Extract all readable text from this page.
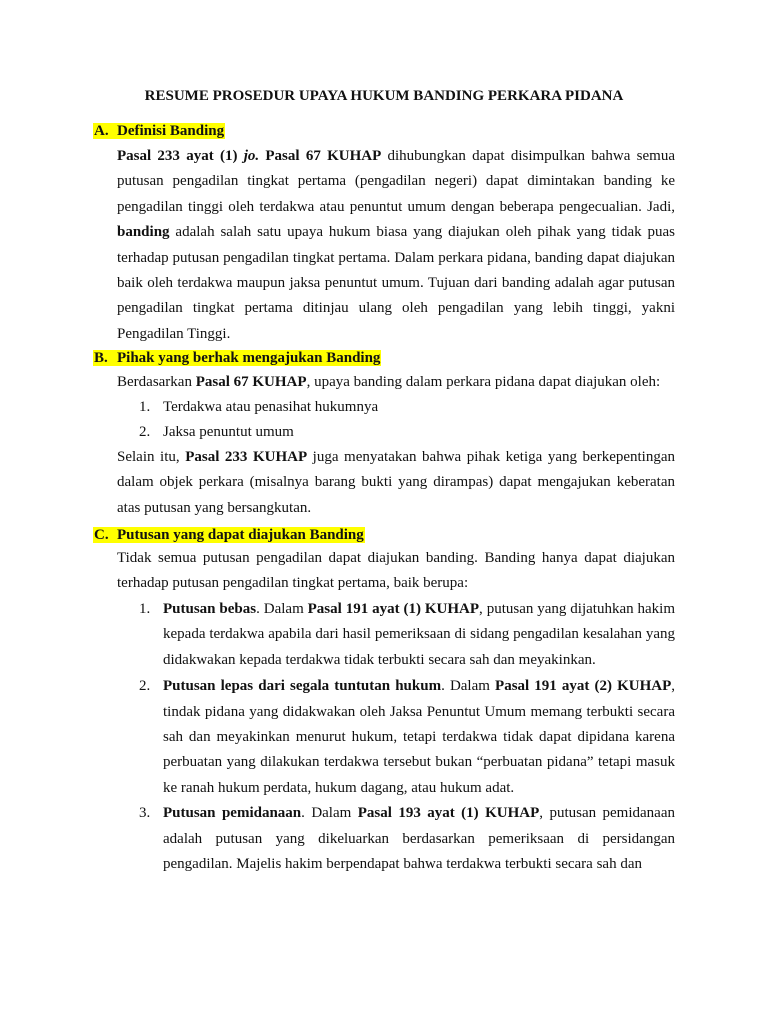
RESUME PROSEDUR UPAYA HUKUM BANDING PERKARA PIDANA
A. Definisi Banding

Pasal 233 ayat (1) jo. Pasal 67 KUHAP dihubungkan dapat disimpulkan bahwa semua putusan pengadilan tingkat pertama (pengadilan negeri) dapat dimintakan banding ke pengadilan tinggi oleh terdakwa atau penuntut umum dengan beberapa pengecualian. Jadi, banding adalah salah satu upaya hukum biasa yang diajukan oleh pihak yang tidak puas terhadap putusan pengadilan tingkat pertama. Dalam perkara pidana, banding dapat diajukan baik oleh terdakwa maupun jaksa penuntut umum. Tujuan dari banding adalah agar putusan pengadilan tingkat pertama ditinjau ulang oleh pengadilan yang lebih tinggi, yakni Pengadilan Tinggi.

B. Pihak yang berhak mengajukan Banding

Berdasarkan Pasal 67 KUHAP, upaya banding dalam perkara pidana dapat diajukan oleh:

1. Terdakwa atau penasihat hukumnya
2. Jaksa penuntut umum

Selain itu, Pasal 233 KUHAP juga menyatakan bahwa pihak ketiga yang berkepentingan dalam objek perkara (misalnya barang bukti yang dirampas) dapat mengajukan keberatan atas putusan yang bersangkutan.

C. Putusan yang dapat diajukan Banding

Tidak semua putusan pengadilan dapat diajukan banding. Banding hanya dapat diajukan terhadap putusan pengadilan tingkat pertama, baik berupa:

1. Putusan bebas. Dalam Pasal 191 ayat (1) KUHAP, putusan yang dijatuhkan hakim kepada terdakwa apabila dari hasil pemeriksaan di sidang pengadilan kesalahan yang didakwakan kepada terdakwa tidak terbukti secara sah dan meyakinkan.
2. Putusan lepas dari segala tuntutan hukum. Dalam Pasal 191 ayat (2) KUHAP, tindak pidana yang didakwakan oleh Jaksa Penuntut Umum memang terbukti secara sah dan meyakinkan menurut hukum, tetapi terdakwa tidak dapat dipidana karena perbuatan yang dilakukan terdakwa tersebut bukan “perbuatan pidana” tetapi masuk ke ranah hukum perdata, hukum dagang, atau hukum adat.
3. Putusan pemidanaan. Dalam Pasal 193 ayat (1) KUHAP, putusan pemidanaan adalah putusan yang dikeluarkan berdasarkan pemeriksaan di persidangan pengadilan. Majelis hakim berpendapat bahwa terdakwa terbukti secara sah dan
